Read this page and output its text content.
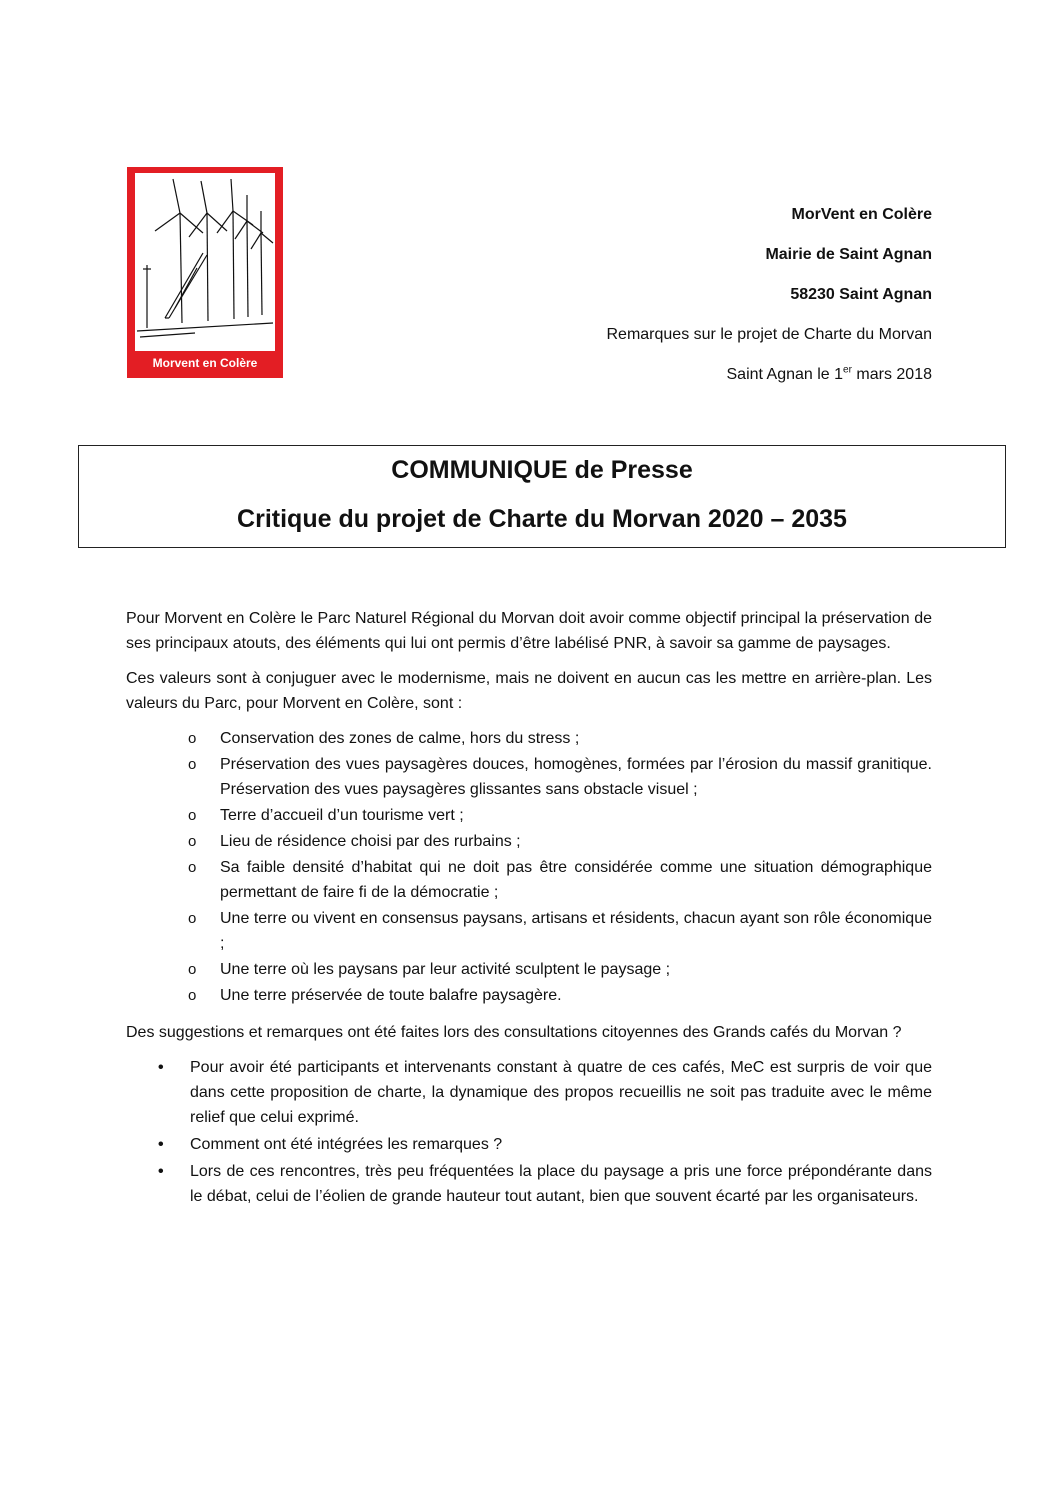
Morvent en Colère
MorVent en Colère
Mairie de Saint Agnan
58230 Saint Agnan
Remarques sur le projet de Charte du Morvan
Saint Agnan le 1er mars 2018
COMMUNIQUE de Presse
Critique du projet de Charte du Morvan 2020 – 2035

Pour Morvent en Colère le Parc Naturel Régional du Morvan doit avoir comme objectif principal la préservation de ses principaux atouts, des éléments qui lui ont permis d’être labélisé PNR, à savoir sa gamme de paysages.

Ces valeurs sont à conjuguer avec le modernisme, mais ne doivent en aucun cas les mettre en arrière-plan. Les valeurs du Parc, pour Morvent en Colère, sont :

o Conservation des zones de calme, hors du stress ;
o Préservation des vues paysagères douces, homogènes, formées par l’érosion du massif granitique. Préservation des vues paysagères glissantes sans obstacle visuel ;
o Terre d’accueil d’un tourisme vert ;
o Lieu de résidence choisi par des rurbains ;
o Sa faible densité d’habitat qui ne doit pas être considérée comme une situation démographique permettant de faire fi de la démocratie ;
o Une terre ou vivent en consensus paysans, artisans et résidents, chacun ayant son rôle économique ;
o Une terre où les paysans par leur activité sculptent le paysage ;
o Une terre préservée de toute balafre paysagère.

Des suggestions et remarques ont été faites lors des consultations citoyennes des Grands cafés du Morvan ?

• Pour avoir été participants et intervenants constant à quatre de ces cafés, MeC est surpris de voir que dans cette proposition de charte, la dynamique des propos recueillis ne soit pas traduite avec le même relief que celui exprimé.
• Comment ont été intégrées les remarques ?
• Lors de ces rencontres, très peu fréquentées la place du paysage a pris une force prépondérante dans le débat, celui de l’éolien de grande hauteur tout autant, bien que souvent écarté par les organisateurs.
